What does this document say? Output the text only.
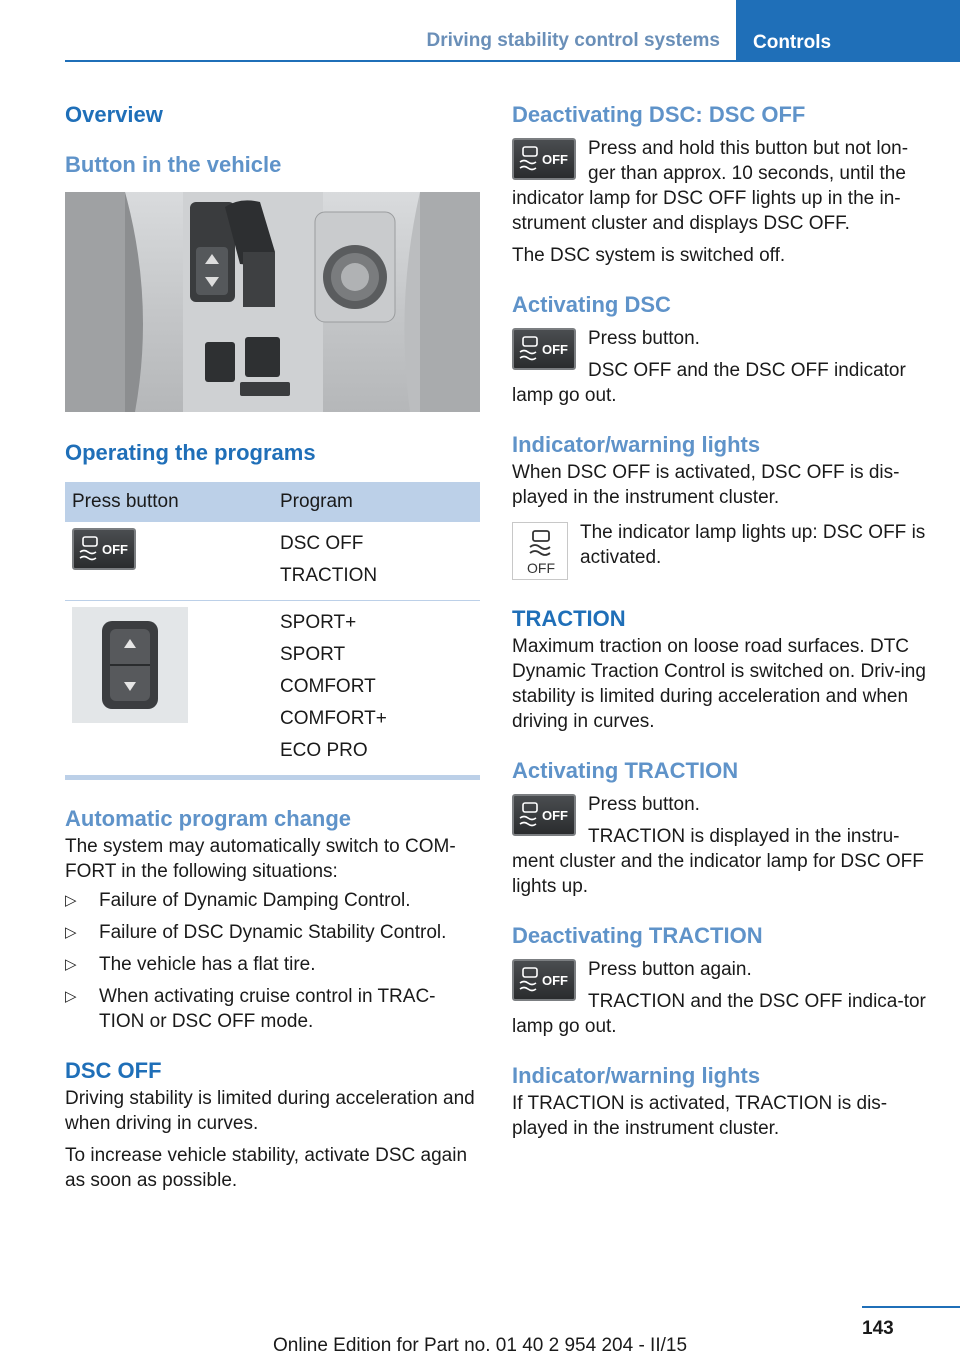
Driving stability control systems	Controls
Overview
Button in the vehicle
Operating the programs
Press button	Program

OFF	DSC OFF
TRACTION

SPORT+
SPORT
COMFORT
COMFORT+
ECO PRO
Automatic program change
The system may automatically switch to COM‐FORT in the following situations:
▷ Failure of Dynamic Damping Control.
▷ Failure of DSC Dynamic Stability Control.
▷ The vehicle has a flat tire.
▷ When activating cruise control in TRAC‐TION or DSC OFF mode.
DSC OFF
Driving stability is limited during acceleration and when driving in curves.
To increase vehicle stability, activate DSC again as soon as possible.
Deactivating DSC: DSC OFF
OFF
Press and hold this button but not lon‐ger than approx. 10 seconds, until the indicator lamp for DSC OFF lights up in the in‐strument cluster and displays DSC OFF.
The DSC system is switched off.
Activating DSC
OFF
Press button.
DSC OFF and the DSC OFF indicator lamp go out.
Indicator/warning lights
When DSC OFF is activated, DSC OFF is dis‐played in the instrument cluster.
OFF
The indicator lamp lights up: DSC OFF is activated.
TRACTION
Maximum traction on loose road surfaces. DTC Dynamic Traction Control is switched on. Driv‐ing stability is limited during acceleration and when driving in curves.
Activating TRACTION
OFF
Press button.
TRACTION is displayed in the instru‐ment cluster and the indicator lamp for DSC OFF lights up.
Deactivating TRACTION
OFF
Press button again.
TRACTION and the DSC OFF indica‐tor lamp go out.
Indicator/warning lights
If TRACTION is activated, TRACTION is dis‐played in the instrument cluster.
143
Online Edition for Part no. 01 40 2 954 204 - II/15
